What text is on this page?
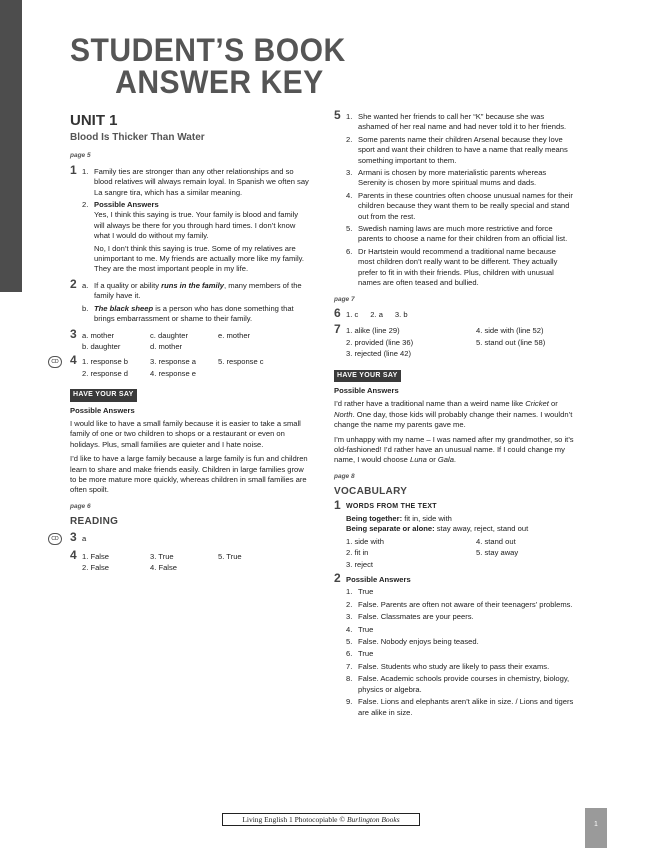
STUDENT’S BOOK
ANSWER KEY
UNIT 1
Blood Is Thicker Than Water
page 5
1 1. Family ties are stronger than any other relationships and so blood relatives will always remain loyal. In Spanish we often say La sangre tira, which has a similar meaning.
2. Possible Answers
Yes, I think this saying is true. Your family is blood and family will always be there for you through hard times. I don’t know what I would do without my family.
No, I don’t think this saying is true. Some of my relatives are unimportant to me. My friends are actually more like my family. They are the most important people in my life.
2 a. If a quality or ability runs in the family, many members of the family have it.
b. The black sheep is a person who has done something that brings embarrassment or shame to their family.
3 a. mother	c. daughter	e. mother
b. daughter	d. mother
CD 4 1. response b	3. response a	5. response c
2. response d	4. response e
HAVE YOUR SAY
Possible Answers

I would like to have a small family because it is easier to take a small family of one or two children to shops or a restaurant or even on holidays. Plus, small families are quieter and I hate noise.

I’d like to have a large family because a large family is fun and children learn to share and make friends easily. Children in large families grow to be more mature more quickly, whereas children in small families are often spoilt.

page 6
READING
CD 3 a
4 1. False	3. True	5. True
2. False	4. False
5 1. She wanted her friends to call her “K” because she was ashamed of her real name and had never told it to her friends.
2. Some parents name their children Arsenal because they love sport and want their children to have a name that really means something important to them.
3. Armani is chosen by more materialistic parents whereas Serenity is chosen by more spiritual mums and dads.
4. Parents in these countries often choose unusual names for their children because they want them to be really special and stand out from the rest.
5. Swedish naming laws are much more restrictive and force parents to choose a name for their children from an official list.
6. Dr Hartstein would recommend a traditional name because most children don’t really want to be different. They actually prefer to fit in with their friends. Plus, children with unusual names are often teased and bullied.
page 7
6 1. c 2. a 3. b
7 1. alike (line 29)	4. side with (line 52)
2. provided (line 36)	5. stand out (line 58)
3. rejected (line 42)
HAVE YOUR SAY
Possible Answers

I’d rather have a traditional name than a weird name like Cricket or North. One day, those kids will probably change their names. I wouldn’t change the name my parents gave me.

I’m unhappy with my name – I was named after my grandmother, so it’s old-fashioned! I’d rather have an unusual name. If I could change my name, I would choose Luna or Gala.

page 8
VOCABULARY
1 WORDS FROM THE TEXT
Being together: fit in, side with
Being separate or alone: stay away, reject, stand out
1. side with	4. stand out
2. fit in	5. stay away
3. reject
2 Possible Answers
1. True
2. False. Parents are often not aware of their teenagers’ problems.
3. False. Classmates are your peers.
4. True
5. False. Nobody enjoys being teased.
6. True
7. False. Students who study are likely to pass their exams.
8. False. Academic schools provide courses in chemistry, biology, physics or algebra.
9. False. Lions and elephants aren’t alike in size. / Lions and tigers are alike in size.
Living English 1 Photocopiable © Burlington Books
1
